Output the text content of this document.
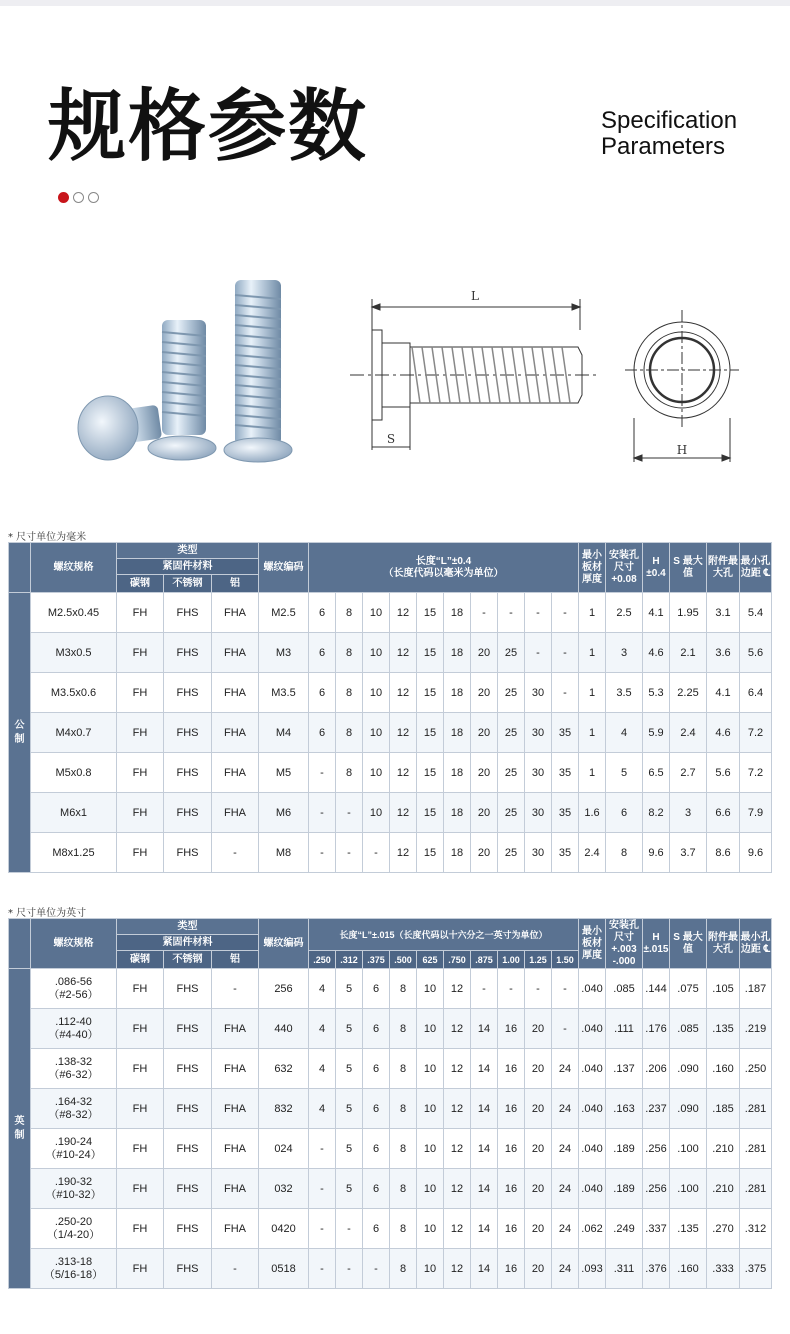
规格参数	Specification
Parameters
L
S
H
* 尺寸单位为毫米
	螺纹规格	类型			螺纹编码	长度“L”±0.4
（长度代码以毫米为单位）										最小板材厚度	安装孔尺寸+0.08	H ±0.4	S 最大值	附件最大孔	最小孔边距 ℄
		紧固件材料																			
		碳钢	不锈钢	铝																	
公 制	M2.5x0.45	FH	FHS	FHA	M2.5	6	8	10	12	15	18	-	-	-	-	1	2.5	4.1	1.95	3.1	5.4
	M3x0.5	FH	FHS	FHA	M3	6	8	10	12	15	18	20	25	-	-	1	3	4.6	2.1	3.6	5.6
	M3.5x0.6	FH	FHS	FHA	M3.5	6	8	10	12	15	18	20	25	30	-	1	3.5	5.3	2.25	4.1	6.4
	M4x0.7	FH	FHS	FHA	M4	6	8	10	12	15	18	20	25	30	35	1	4	5.9	2.4	4.6	7.2
	M5x0.8	FH	FHS	FHA	M5	-	8	10	12	15	18	20	25	30	35	1	5	6.5	2.7	5.6	7.2
	M6x1	FH	FHS	FHA	M6	-	-	10	12	15	18	20	25	30	35	1.6	6	8.2	3	6.6	7.9
	M8x1.25	FH	FHS	-	M8	-	-	-	12	15	18	20	25	30	35	2.4	8	9.6	3.7	8.6	9.6
* 尺寸单位为英寸
	螺纹规格	类型			螺纹编码	长度“L”±.015（长度代码以十六分之一英寸为单位）										最小板材厚度	安装孔尺寸+.003 -.000	H ±.015	S 最大值	附件最大孔	最小孔边距 ℄
		紧固件材料																			
		碳钢	不锈钢	铝		.250	.312	.375	.500	625	.750	.875	1.00	1.25	1.50						
英 制	.086-56
（#2-56）	FH	FHS	-	256	4	5	6	8	10	12	-	-	-	-	.040	.085	.144	.075	.105	.187

	.112-40
（#4-40）	FH	FHS	FHA	440	4	5	6	8	10	12	14	16	20	-	.040	.111	.176	.085	.135	.219

	.138-32
（#6-32）	FH	FHS	FHA	632	4	5	6	8	10	12	14	16	20	24	.040	.137	.206	.090	.160	.250

	.164-32
（#8-32）	FH	FHS	FHA	832	4	5	6	8	10	12	14	16	20	24	.040	.163	.237	.090	.185	.281

	.190-24
（#10-24）	FH	FHS	FHA	024	-	5	6	8	10	12	14	16	20	24	.040	.189	.256	.100	.210	.281

	.190-32
（#10-32）	FH	FHS	FHA	032	-	5	6	8	10	12	14	16	20	24	.040	.189	.256	.100	.210	.281

	.250-20
（1/4-20）	FH	FHS	FHA	0420	-	-	6	8	10	12	14	16	20	24	.062	.249	.337	.135	.270	.312

	.313-18
（5/16-18）	FH	FHS	-	0518	-	-	-	8	10	12	14	16	20	24	.093	.311	.376	.160	.333	.375
